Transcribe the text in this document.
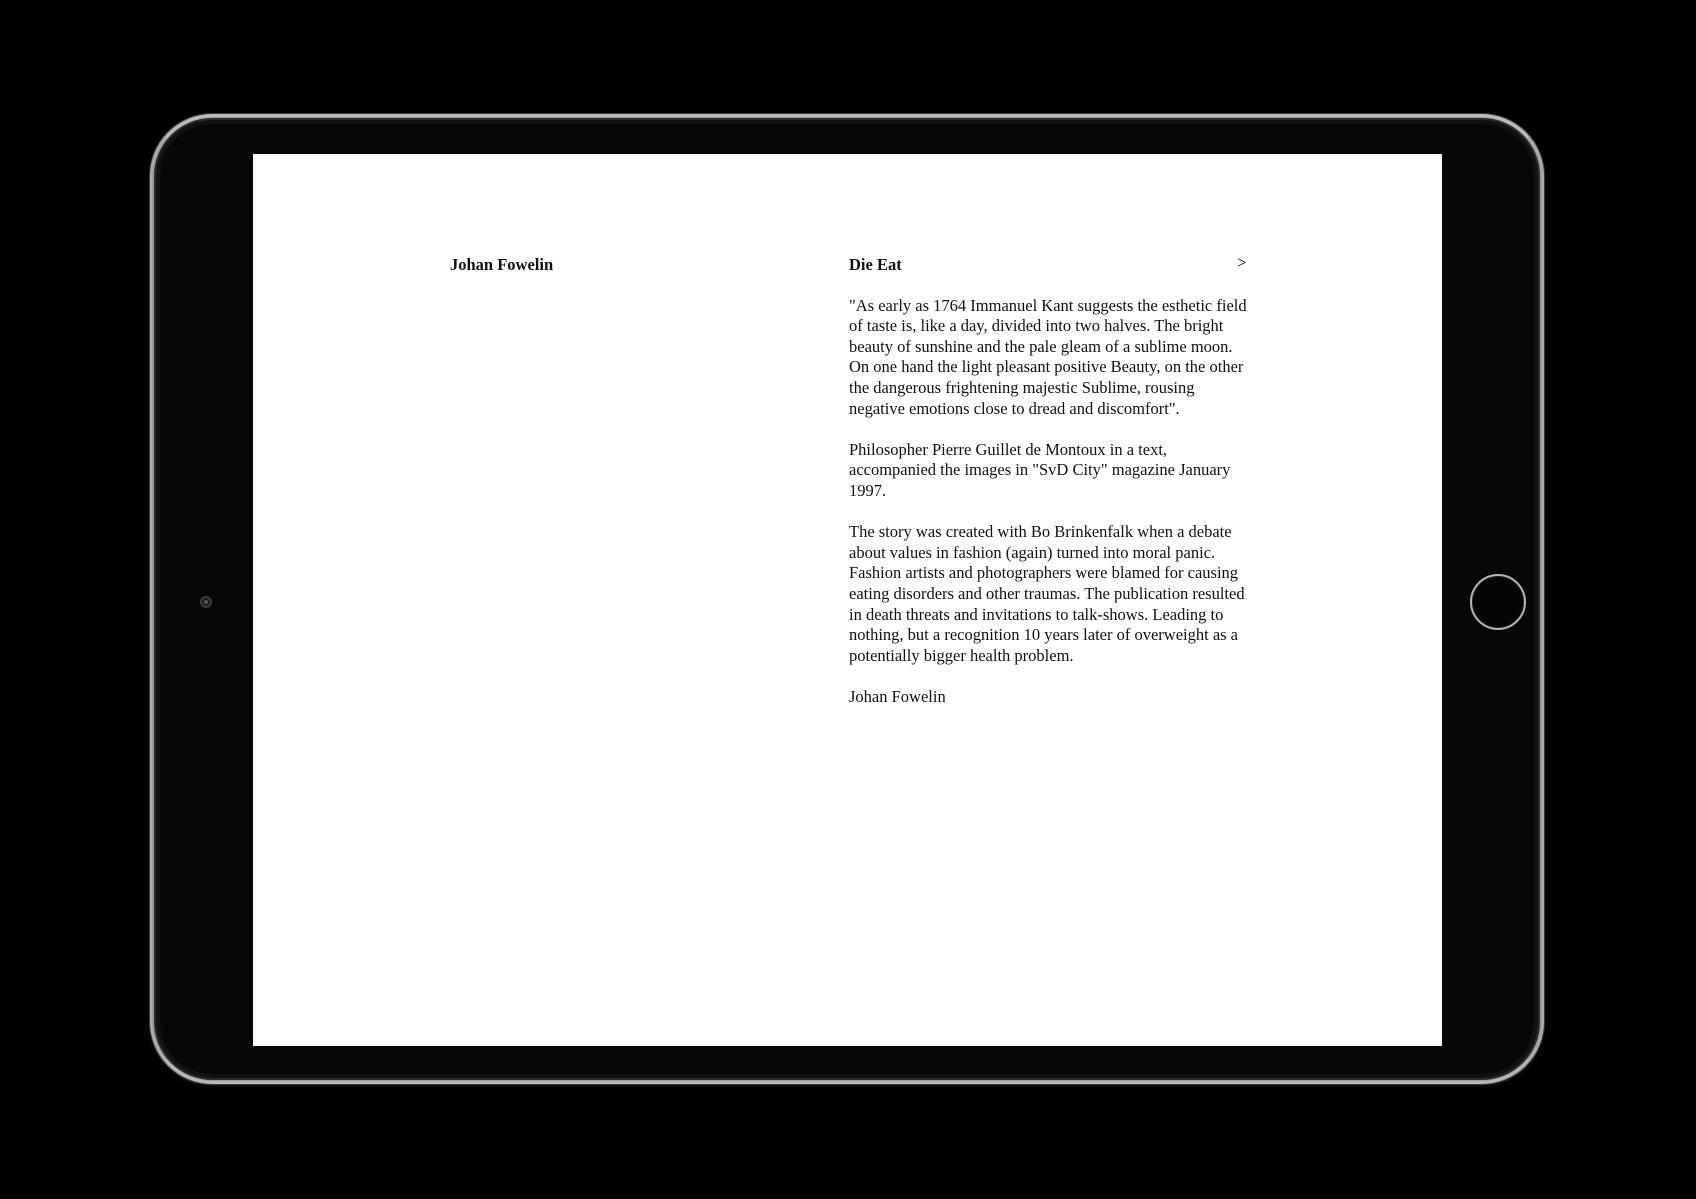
Johan Fowelin	>
Die Eat

"As early as 1764 Immanuel Kant suggests the esthetic field of taste is, like a day, divided into two halves. The bright beauty of sunshine and the pale gleam of a sublime moon. On one hand the light pleasant positive Beauty, on the other the dangerous frightening majestic Sublime, rousing negative emotions close to dread and discomfort".

Philosopher Pierre Guillet de Montoux in a text, accompanied the images in "SvD City" magazine January 1997.

The story was created with Bo Brinkenfalk when a debate about values in fashion (again) turned into moral panic. Fashion artists and photographers were blamed for causing eating disorders and other traumas. The publication resulted in death threats and invitations to talk-shows. Leading to nothing, but a recognition 10 years later of overweight as a potentially bigger health problem.

Johan Fowelin
